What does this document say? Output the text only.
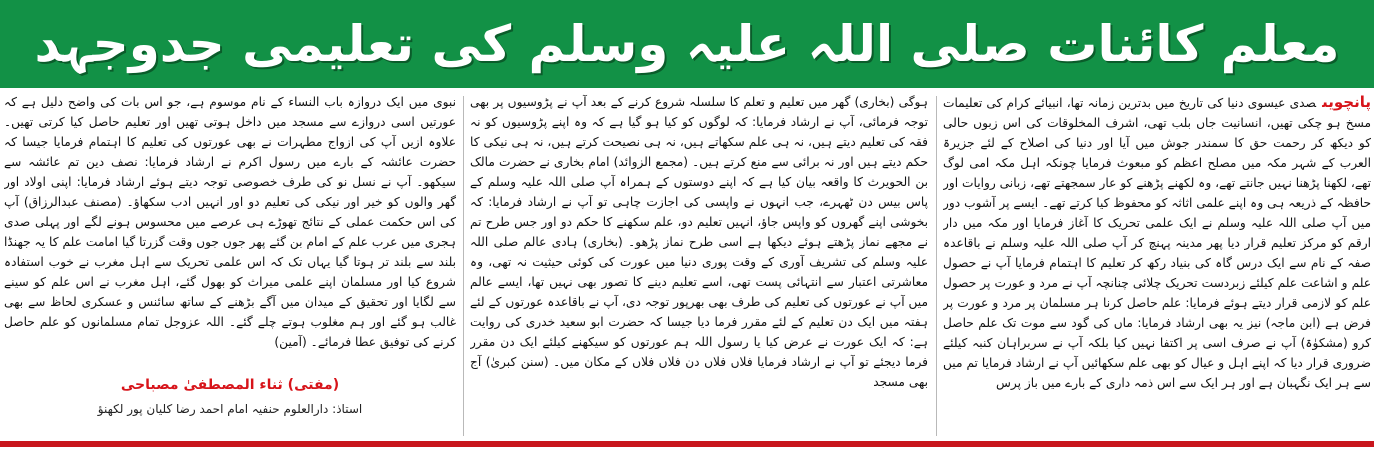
معلم کائنات صلی اللہ علیہ وسلم کی تعلیمی جدوجہد

پانچویںصدی عیسوی دنیا کی تاریخ میں بدترین زمانہ تھا، انبیائے کرام کی تعلیمات مسخ ہو چکی تھیں، انسانیت جاں بلب تھی، اشرف المخلوقات کی اس زبوں حالی کو دیکھ کر رحمت حق کا سمندر جوش میں آیا اور دنیا کی اصلاح کے لئے جزیرۃ العرب کے شہر مکہ میں مصلح اعظم کو مبعوث فرمایا چونکہ اہل مکہ امی لوگ تھے، لکھنا پڑھنا نہیں جانتے تھے، وہ لکھنے پڑھنے کو عار سمجھتے تھے، زبانی روایات اور حافظہ کے ذریعہ ہی وہ اپنے علمی اثاثہ کو محفوظ کیا کرتے تھے۔ ایسے پر آشوب دور میں آپ صلی اللہ علیہ وسلم نے ایک علمی تحریک کا آغاز فرمایا اور مکہ میں دار ارقم کو مرکز تعلیم قرار دیا پھر مدینہ پہنچ کر آپ صلی اللہ علیہ وسلم نے باقاعدہ صفہ کے نام سے ایک درس گاہ کی بنیاد رکھ کر تعلیم کا اہتمام فرمایا آپ نے حصول علم و اشاعت علم کیلئے زبردست تحریک چلائی چنانچہ آپ نے مرد و عورت پر حصول علم کو لازمی قرار دیتے ہوئے فرمایا: علم حاصل کرنا ہر مسلمان پر مرد و عورت پر فرض ہے (ابن ماجہ) نیز یہ بھی ارشاد فرمایا: ماں کی گود سے موت تک علم حاصل کرو (مشکوٰۃ) آپ نے صرف اسی پر اکتفا نہیں کیا بلکہ آپ نے سربراہان کنبہ کیلئے ضروری قرار دیا کہ اپنے اہل و عیال کو بھی علم سکھائیں آپ نے ارشاد فرمایا تم میں سے ہر ایک نگہبان ہے اور ہر ایک سے اس ذمہ داری کے بارے میں باز پرس

ہوگی (بخاری) گھر میں تعلیم و تعلم کا سلسلہ شروع کرنے کے بعد آپ نے پڑوسیوں پر بھی توجہ فرمائی، آپ نے ارشاد فرمایا: کہ لوگوں کو کیا ہو گیا ہے کہ وہ اپنے پڑوسیوں کو نہ فقہ کی تعلیم دیتے ہیں، نہ ہی علم سکھاتے ہیں، نہ ہی نصیحت کرتے ہیں، نہ ہی نیکی کا حکم دیتے ہیں اور نہ برائی سے منع کرتے ہیں۔ (مجمع الزوائد) امام بخاری نے حضرت مالک بن الحویرث کا واقعہ بیان کیا ہے کہ اپنے دوستوں کے ہمراہ آپ صلی اللہ علیہ وسلم کے پاس بیس دن ٹھہرے، جب انہوں نے واپسی کی اجازت چاہی تو آپ نے ارشاد فرمایا: کہ بخوشی اپنے گھروں کو واپس جاؤ، انہیں تعلیم دو، علم سکھنے کا حکم دو اور جس طرح تم نے مجھے نماز پڑھتے ہوئے دیکھا ہے اسی طرح نماز پڑھو۔ (بخاری) ہادی عالم صلی اللہ علیہ وسلم کی تشریف آوری کے وقت پوری دنیا میں عورت کی کوئی حیثیت نہ تھی، وہ معاشرتی اعتبار سے انتہائی پست تھی، اسے تعلیم دینے کا تصور بھی نہیں تھا، ایسے عالم میں آپ نے عورتوں کی تعلیم کی طرف بھی بھرپور توجہ دی، آپ نے باقاعدہ عورتوں کے لئے ہفتہ میں ایک دن تعلیم کے لئے مقرر فرما دیا جیسا کہ حضرت ابو سعید خدری کی روایت ہے: کہ ایک عورت نے عرض کیا یا رسول اللہ ہم عورتوں کو سیکھنے کیلئے ایک دن مقرر فرما دیجئے تو آپ نے ارشاد فرمایا فلاں فلاں دن فلاں فلاں کے مکان میں۔ (سنن کبریٰ) آج بھی مسجد

نبوی میں ایک دروازہ باب النساء کے نام موسوم ہے، جو اس بات کی واضح دلیل ہے کہ عورتیں اسی دروازے سے مسجد میں داخل ہوتی تھیں اور تعلیم حاصل کیا کرتی تھیں۔ علاوہ ازیں آپ کی ازواج مطہرات نے بھی عورتوں کی تعلیم کا اہتمام فرمایا جیسا کہ حضرت عائشہ کے بارے میں رسول اکرم نے ارشاد فرمایا: نصف دین تم عائشہ سے سیکھو۔ آپ نے نسل نو کی طرف خصوصی توجہ دیتے ہوئے ارشاد فرمایا: اپنی اولاد اور گھر والوں کو خیر اور نیکی کی تعلیم دو اور انہیں ادب سکھاؤ۔ (مصنف عبدالرزاق) آپ کی اس حکمت عملی کے نتائج تھوڑے ہی عرصے میں محسوس ہونے لگے اور پہلی صدی ہجری میں عرب علم کے امام بن گئے پھر جوں جوں وقت گزرتا گیا امامت علم کا یہ جھنڈا بلند سے بلند تر ہوتا گیا یہاں تک کہ اس علمی تحریک سے اہل مغرب نے خوب استفادہ شروع کیا اور مسلمان اپنے علمی میراث کو بھول گئے، اہل مغرب نے اس علم کو سینے سے لگایا اور تحقیق کے میدان میں آگے بڑھنے کے ساتھ سائنس و عسکری لحاظ سے بھی غالب ہو گئے اور ہم مغلوب ہوتے چلے گئے۔ اللہ عزوجل تمام مسلمانوں کو علم حاصل کرنے کی توفیق عطا فرمائے۔ (آمین)

(مفتی) ثناء المصطفیٰ مصباحی
استاذ: دارالعلوم حنفیہ امام احمد رضا کلیان پور لکھنؤ
